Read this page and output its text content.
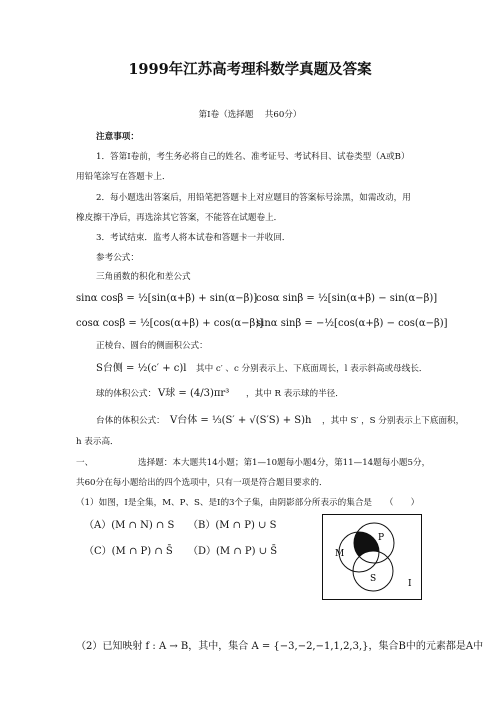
1999年江苏高考理科数学真题及答案
第Ⅰ卷（选择题　 共60分）
注意事项：
1．答第Ⅰ卷前，考生务必将自己的姓名、准考证号、考试科目、试卷类型（A或B）
用铅笔涂写在答题卡上．
2．每小题选出答案后，用铅笔把答题卡上对应题目的答案标号涂黑，如需改动，用
橡皮擦干净后，再选涂其它答案，不能答在试题卷上．
3．考试结束．监考人将本试卷和答题卡一并收回．
参考公式：
三角函数的积化和差公式
sinα cosβ = ½[sin(α+β) + sin(α−β)]
cosα sinβ = ½[sin(α+β) − sin(α−β)]
cosα cosβ = ½[cos(α+β) + cos(α−β)]
sinα sinβ = −½[cos(α+β) − cos(α−β)]
正棱台、圆台的侧面积公式：
S台侧 = ½(c′ + c)l 其中 c′ 、c 分别表示上、下底面周长，l 表示斜高或母线长．
球的体积公式： V球 = (4/3)πr³ ，其中 R 表示球的半径．
台体的体积公式： V台体 = ⅓(S′ + √(S′S) + S)h ，其中 S′ ，S 分别表示上下底面积，
h 表示高．
一、	选择题：本大题共14小题；第1—10题每小题4分，第11—14题每小题5分，
共60分在每小题给出的四个选项中，只有一项是符合题目要求的．
（1）如图，I是全集，M、P、S、是I的3个子集，由阴影部分所表示的集合是　　（　　）
（A）(M ∩ N) ∩ S （B）(M ∩ P) ∪ S
（C）(M ∩ P) ∩ S̄ （D）(M ∩ P) ∪ S̄	M
P
S	I
（2）已知映射 f : A → B，其中，集合 A = {−3,−2,−1,1,2,3,}，集合B中的元素都是A中
